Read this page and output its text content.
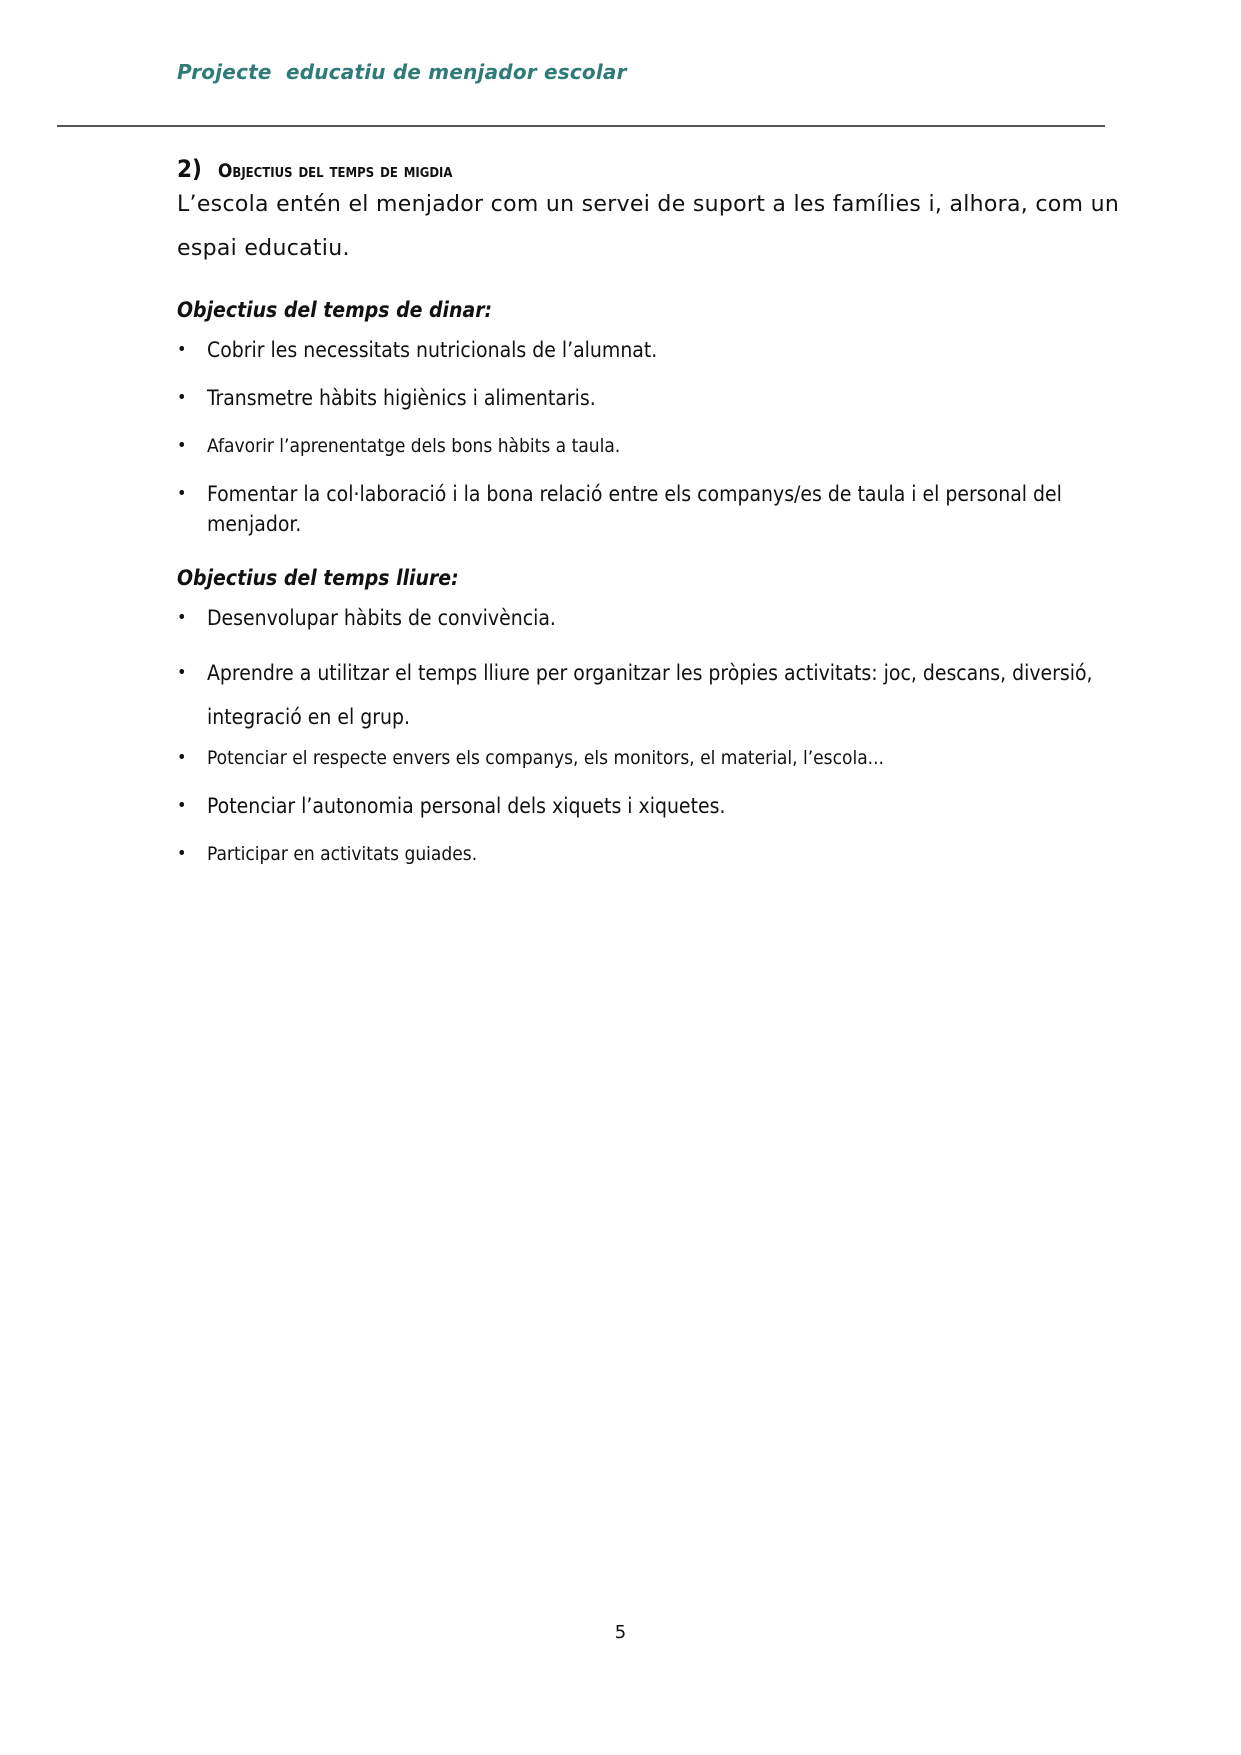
Projecte  educatiu de menjador escolar
2) Objectius del temps de migdia

L’escola entén el menjador com un servei de suport a les famílies i, alhora, com un espai educatiu.

Objectius del temps de dinar:
• Cobrir les necessitats nutricionals de l’alumnat.
• Transmetre hàbits higiènics i alimentaris.
• Afavorir l’aprenentatge dels bons hàbits a taula.
• Fomentar la col·laboració i la bona relació entre els companys/es de taula i el personal del menjador.
Objectius del temps lliure:
• Desenvolupar hàbits de convivència.
• Aprendre a utilitzar el temps lliure per organitzar les pròpies activitats: joc, descans, diversió, integració en el grup.
• Potenciar el respecte envers els companys, els monitors, el material, l’escola...
• Potenciar l’autonomia personal dels xiquets i xiquetes.
• Participar en activitats guiades.
5
